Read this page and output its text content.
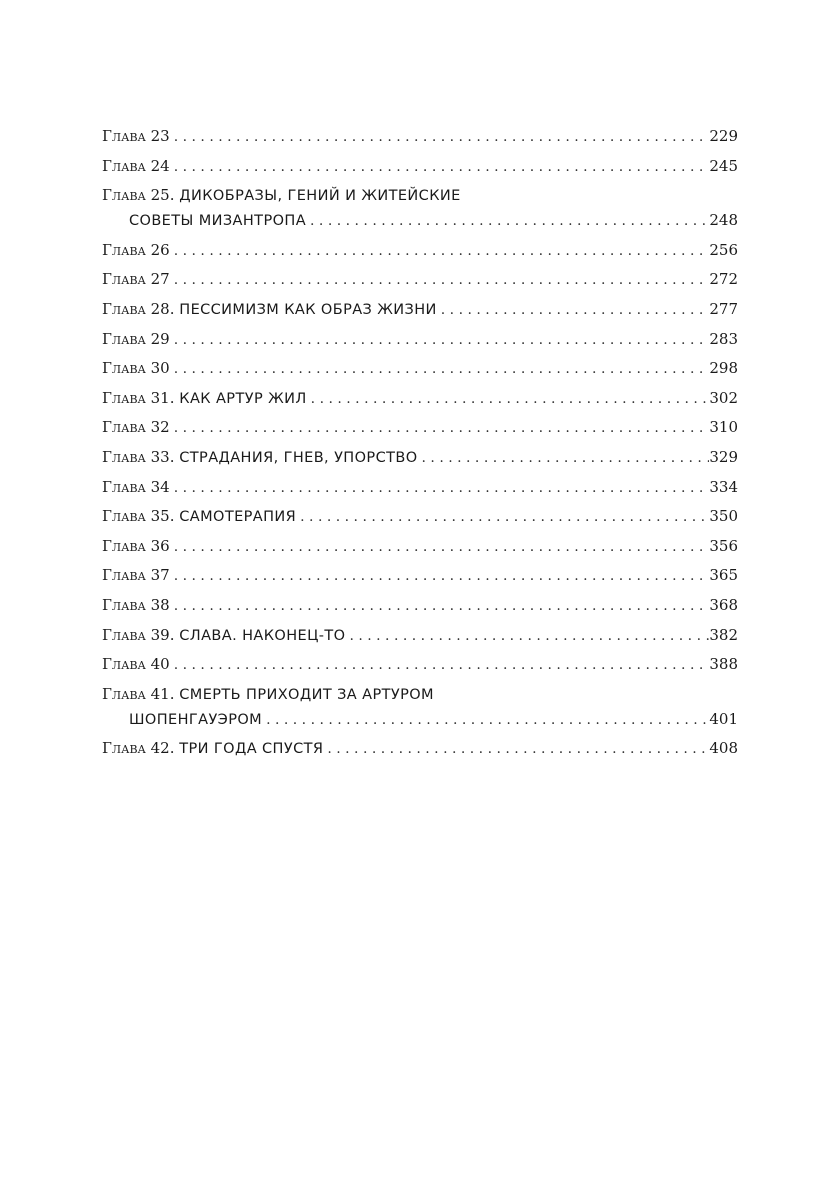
Глава 23 . . .	229
Глава 24 . . .	245
Глава 25. ДИКОБРАЗЫ, ГЕНИЙ И ЖИТЕЙСКИЕ
СОВЕТЫ МИЗАНТРОПА . . .	248
Глава 26 . . .	256
Глава 27 . . .	272
Глава 28. ПЕССИМИЗМ КАК ОБРАЗ ЖИЗНИ . . .	277
Глава 29 . . .	283
Глава 30 . . .	298
Глава 31. КАК АРТУР ЖИЛ . . .	302
Глава 32 . . .	310
Глава 33. СТРАДАНИЯ, ГНЕВ, УПОРСТВО . . .	329
Глава 34 . . .	334
Глава 35. САМОТЕРАПИЯ . . .	350
Глава 36 . . .	356
Глава 37 . . .	365
Глава 38 . . .	368
Глава 39. СЛАВА. НАКОНЕЦ-ТО . . .	382
Глава 40 . . .	388
Глава 41. СМЕРТЬ ПРИХОДИТ ЗА АРТУРОМ
ШОПЕНГАУЭРОМ . . .	401
Глава 42. ТРИ ГОДА СПУСТЯ . . .	408
